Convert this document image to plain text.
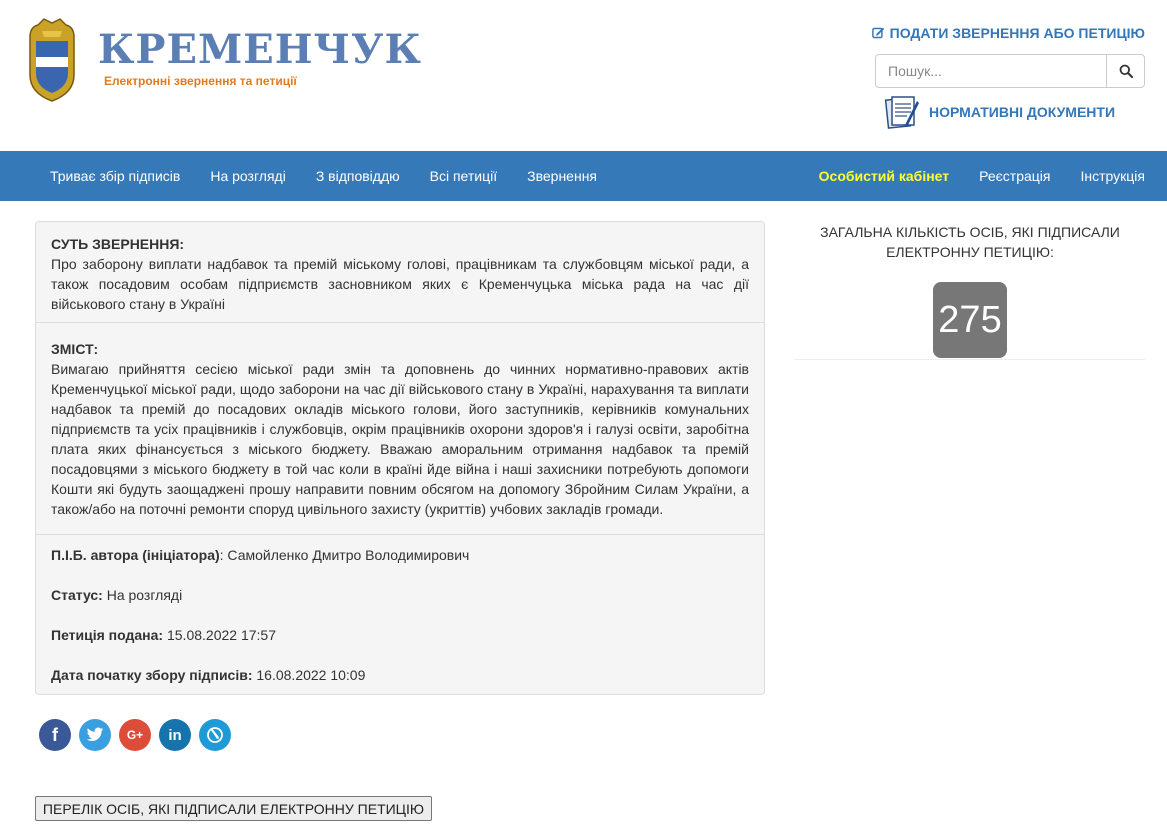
КРЕМЕНЧУК
Електронні звернення та петиції
ПОДАТИ ЗВЕРНЕННЯ АБО ПЕТИЦІЮ
Пошук...
НОРМАТИВНІ ДОКУМЕНТИ
Триває збір підписів	На розгляді	З відповіддю	Всі петиції	Звернення	Особистий кабінет	Реєстрація	Інструкція
СУТЬ ЗВЕРНЕННЯ:
Про заборону виплати надбавок та премій міському голові, працівникам та службовцям міської ради, а також посадовим особам підприємств засновником яких є Кременчуцька міська рада на час дії військового стану в Україні
ЗМІСТ:
Вимагаю прийняття сесією міської ради змін та доповнень до чинних нормативно-правових актів Кременчуцької міської ради, щодо заборони на час дії військового стану в Україні, нарахування та виплати надбавок та премій до посадових окладів міського голови, його заступників, керівників комунальних підприємств та усіх працівників і службовців, окрім працівників охорони здоров'я і галузі освіти, заробітна плата яких фінансується з міського бюджету. Вважаю аморальним отримання надбавок та премій посадовцями з міського бюджету в той час коли в країні йде війна і наші захисники потребують допомоги Кошти які будуть заощаджені прошу направити повним обсягом на допомогу Збройним Силам України, а також/або на поточні ремонти споруд цивільного захисту (укриттів) учбових закладів громади.
П.І.Б. автора (ініціатора): Самойленко Дмитро Володимирович
Статус: На розгляді
Петиція подана: 15.08.2022 17:57
Дата початку збору підписів: 16.08.2022 10:09
f	G+ in
ПЕРЕЛІК ОСІБ, ЯКІ ПІДПИСАЛИ ЕЛЕКТРОННУ ПЕТИЦІЮ
ЗАГАЛЬНА КІЛЬКІСТЬ ОСІБ, ЯКІ ПІДПИСАЛИ ЕЛЕКТРОННУ ПЕТИЦІЮ:
275
